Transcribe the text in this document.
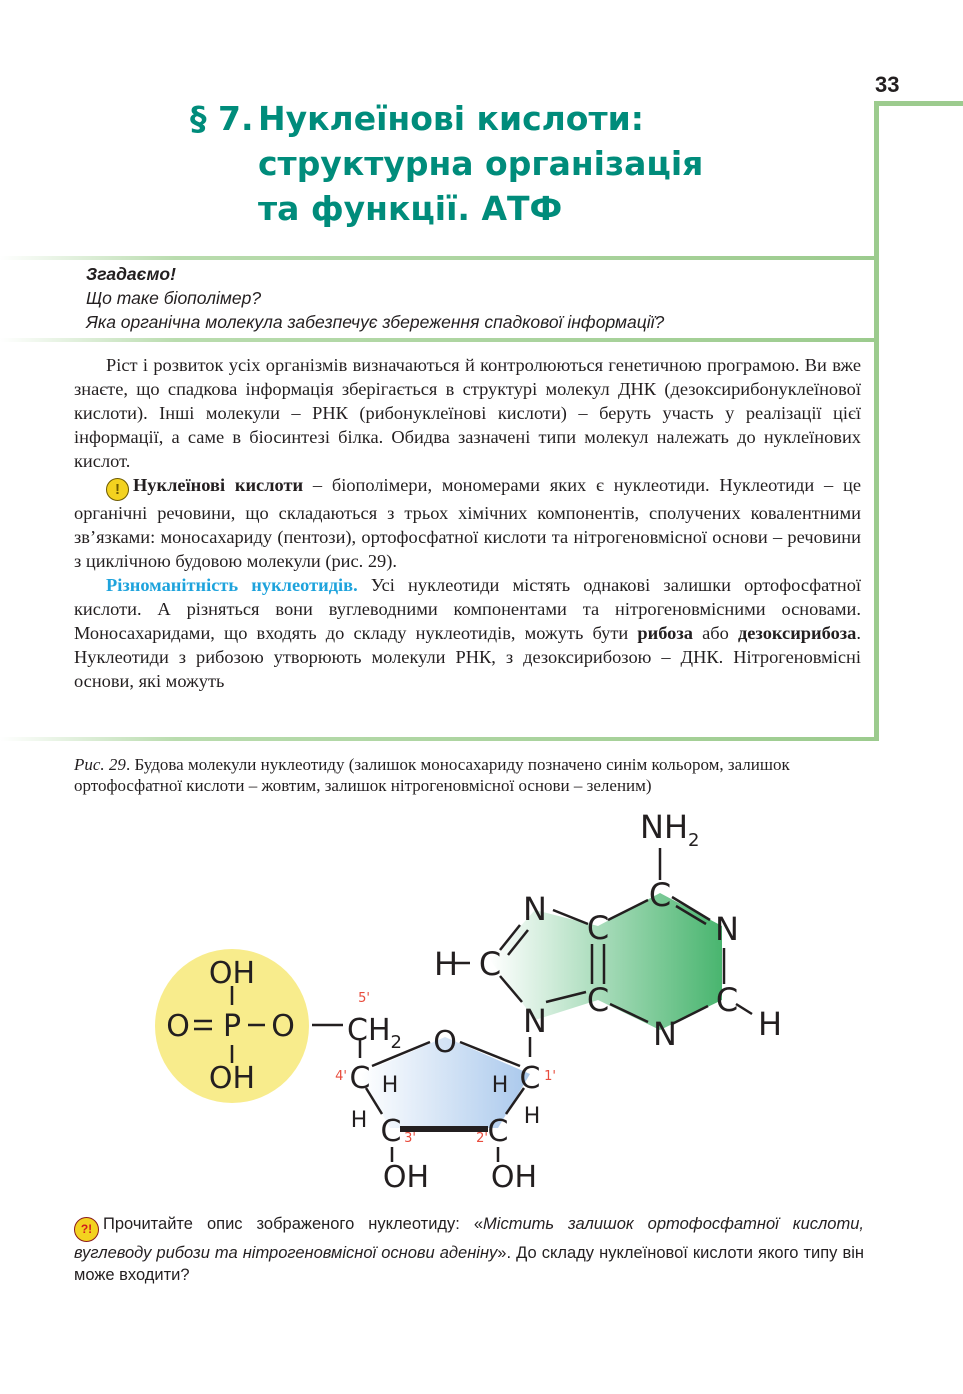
33
§ 7. Нуклеїнові кислоти:
структурна організація
та функції. АТФ
Згадаємо!
Що таке біополімер?
Яка органічна молекула забезпечує збереження спадкової інформації?

Ріст і розвиток усіх організмів визначаються й контролюються генетичною програмою. Ви вже знаєте, що спадкова інформація зберігається в структурі молекул ДНК (дезоксирибонуклеїнової кислоти). Інші молекули – РНК (рибонуклеїнові кислоти) – беруть участь у реалізації цієї інформації, а саме в біосинтезі білка. Обидва зазначені типи молекул належать до нуклеїнових кислот.

! Нуклеїнові кислоти – біополімери, мономерами яких є нуклеотиди. Нуклеотиди – це органічні речовини, що складаються з трьох хімічних компонентів, сполучених ковалентними зв’язками: моносахариду (пентози), ортофосфатної кислоти та нітрогеновмісної основи – речовини з циклічною будовою молекули (рис. 29).

Різноманітність нуклеотидів. Усі нуклеотиди містять однакові залишки ортофосфатної кислоти. А різняться вони вуглеводними компонентами та нітрогеновмісними основами. Моносахаридами, що входять до складу нуклеотидів, можуть бути рибоза або дезоксирибоза. Нуклеотиди з рибозою утворюють молекули РНК, з дезоксирибозою – ДНК. Нітрогеновмісні основи, які можуть

Рис. 29. Будова молекули нуклеотиду (залишок моносахариду позначено синім кольором, залишок ортофосфатної кислоти – жовтим, залишок нітрогеновмісної основи – зеленим)
OH
O P O
OH
$CH_2$ O
C
C	C
C
H
H
H
H
OH OH
5'
4'
3'	2'
1'
$NH_2$
C
N C	N
H C
C	C
H
N	N
?! Прочитайте опис зображеного нуклеотиду: «Містить залишок ортофосфатної кислоти, вуглеводу рибози та нітрогеновмісної основи аденіну». До складу нуклеїнової кислоти якого типу він може входити?
